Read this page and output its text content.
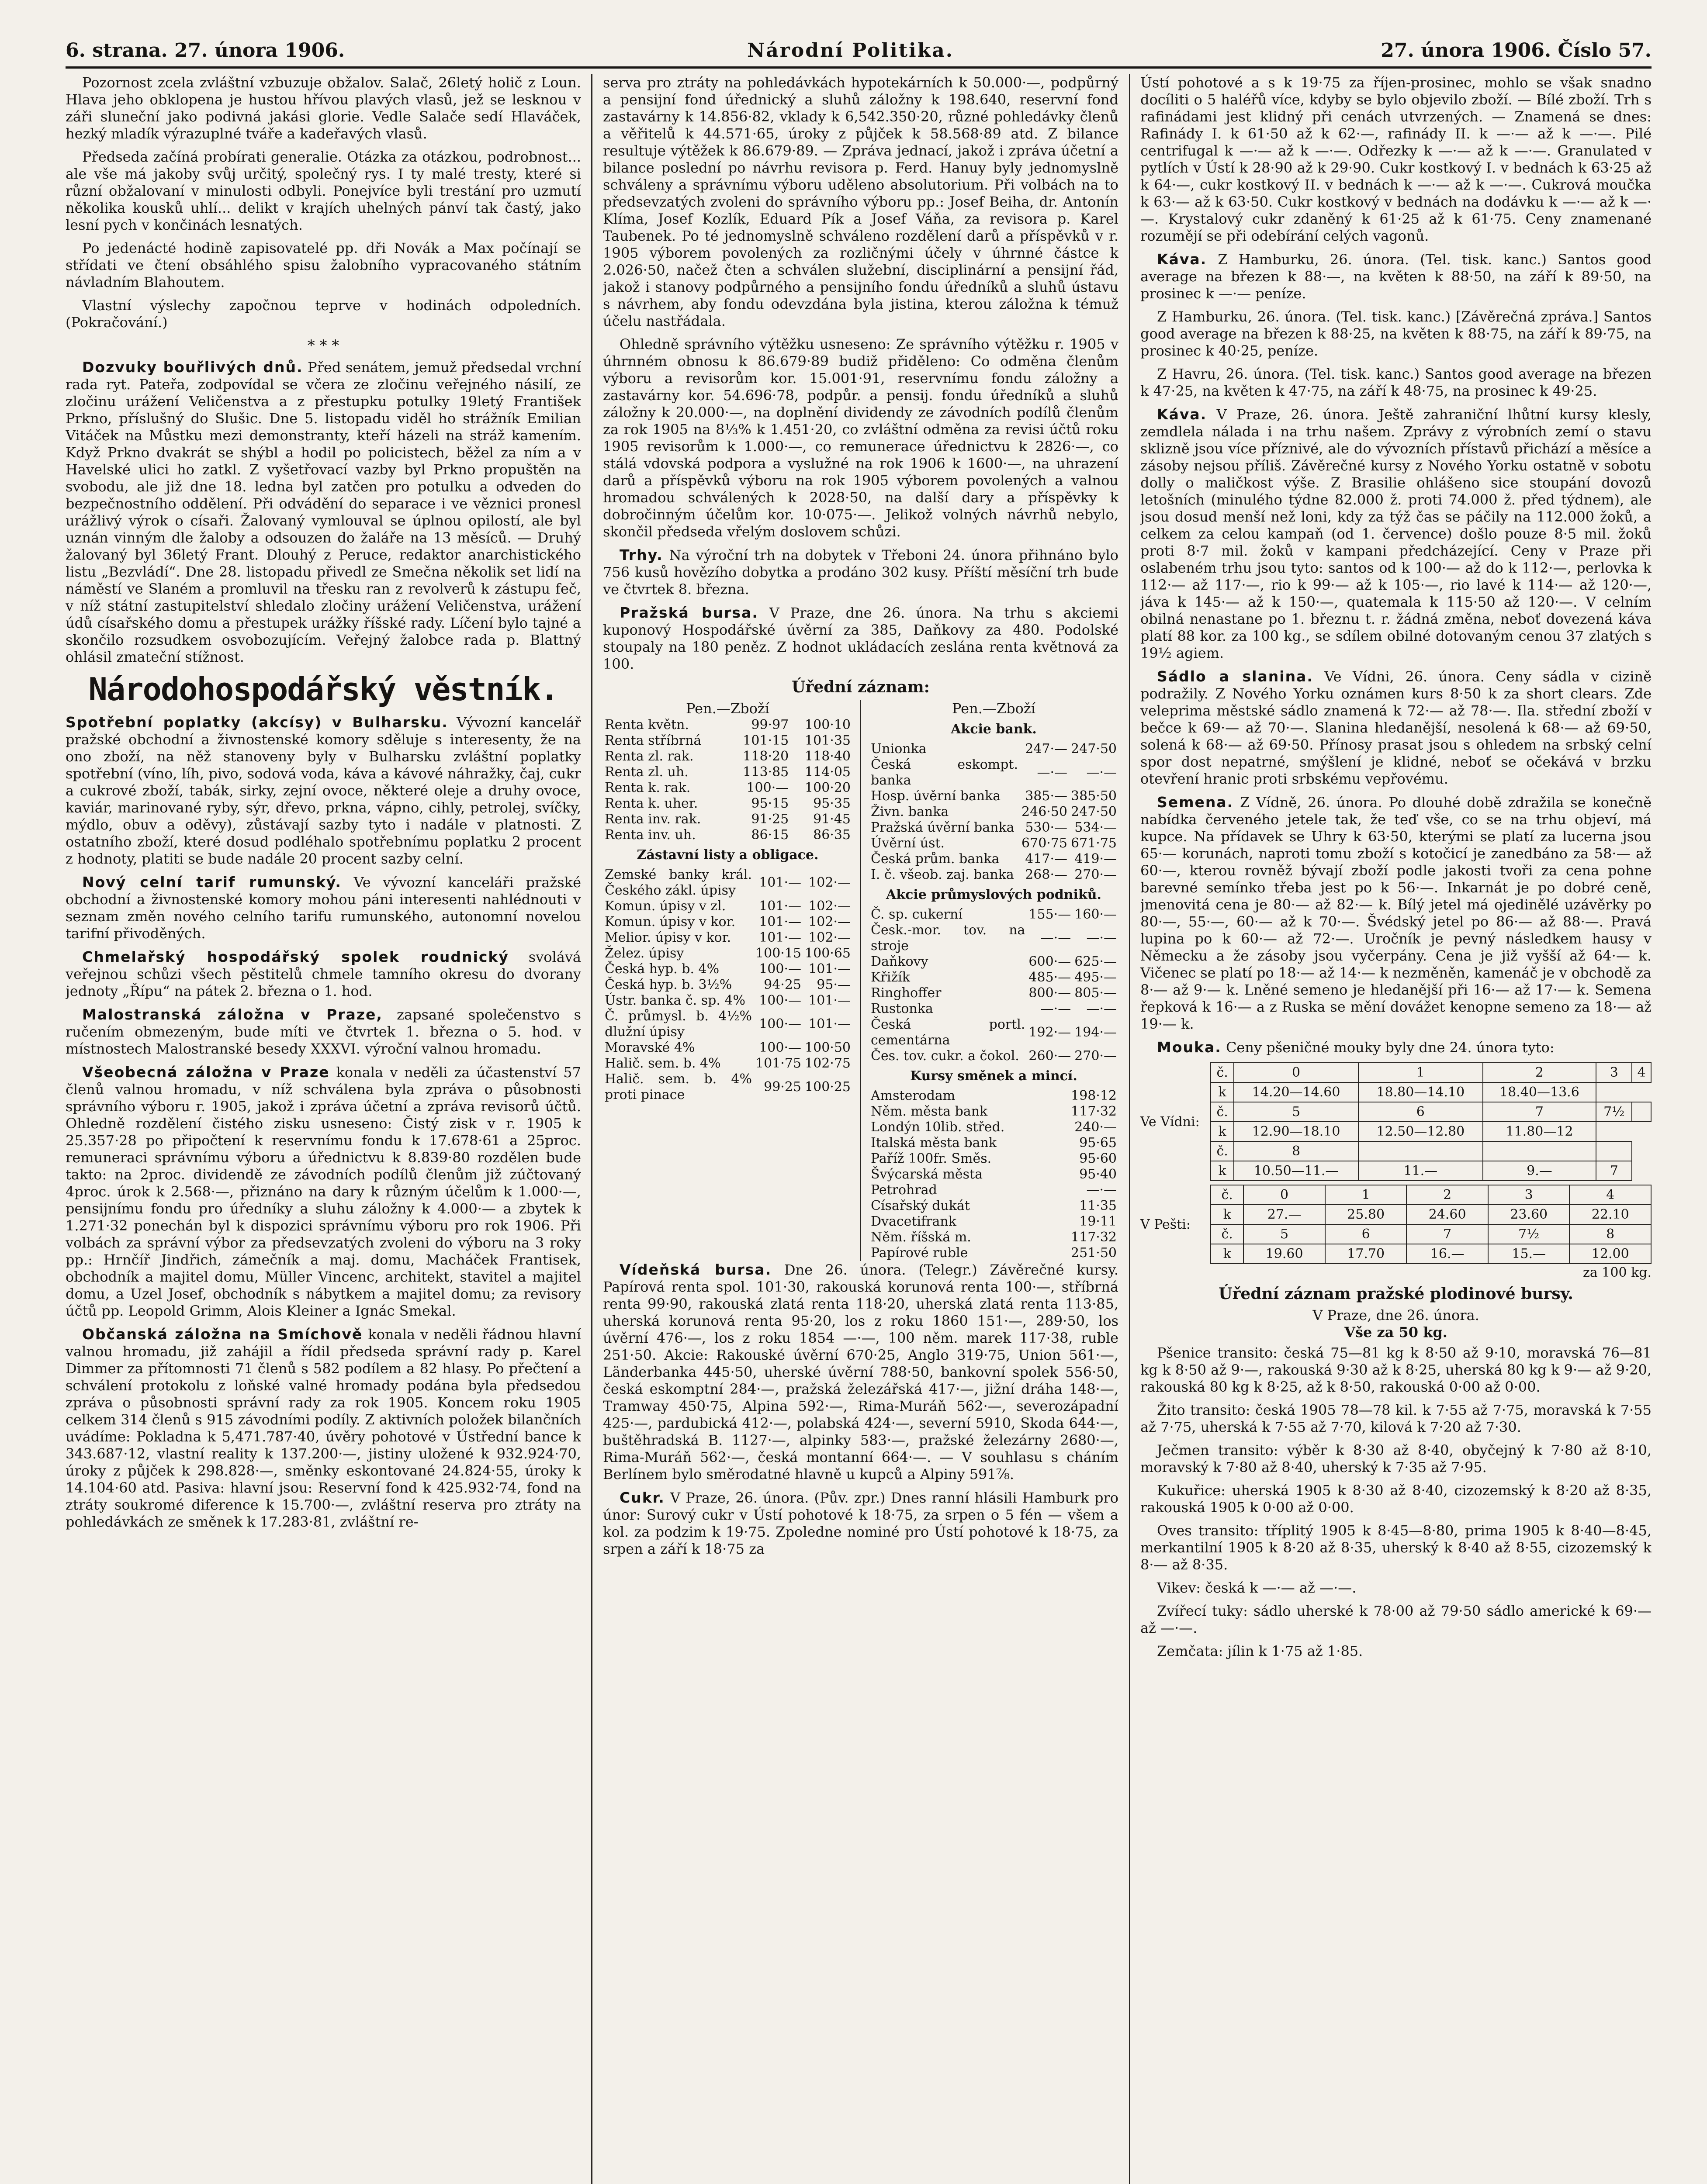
6. strana. 27. února 1906.	Národní Politika.	27. února 1906. Číslo 57.

Pozornost zcela zvláštní vzbuzuje obžalov. Salač, 26letý holič z Loun. Hlava jeho obklopena je hustou hřívou plavých vlasů, jež se lesknou v záři sluneční jako podivná jakási glorie. Vedle Salače sedí Hlaváček, hezký mladík výrazuplné tváře a kadeřavých vlasů.

Předseda začíná probírati generalie. Otázka za otázkou, podrobnost... ale vše má jakoby svůj určitý, společný rys. I ty malé tresty, které si různí obžalovaní v minulosti odbyli. Ponejvíce byli trestání pro uzmutí několika kousků uhlí... delikt v krajích uhelných pánví tak častý, jako lesní pych v končinách lesnatých.

Po jedenácté hodině zapisovatelé pp. dři Novák a Max počínají se střídati ve čtení obsáhlého spisu žalobního vypracovaného státním návladním Blahoutem.

Vlastní výslechy započnou teprve v hodinách odpoledních. (Pokračování.)

* * *

Dozvuky bouřlivých dnů. Před senátem, jemuž předsedal vrchní rada ryt. Pateřa, zodpovídal se včera ze zločinu veřejného násilí, ze zločinu urážení Veličenstva a z přestupku potulky 19letý František Prkno, příslušný do Slušic. Dne 5. listopadu viděl ho strážník Emilian Vitáček na Můstku mezi demonstranty, kteří házeli na stráž kamením. Když Prkno dvakrát se shýbl a hodil po policistech, běžel za ním a v Havelské ulici ho zatkl. Z vyšetřovací vazby byl Prkno propuštěn na svobodu, ale již dne 18. ledna byl zatčen pro potulku a odveden do bezpečnostního oddělení. Při odvádění do separace i ve věznici pronesl urážlivý výrok o císaři. Žalovaný vymlouval se úplnou opilostí, ale byl uznán vinným dle žaloby a odsouzen do žaláře na 13 měsíců. — Druhý žalovaný byl 36letý Frant. Dlouhý z Peruce, redaktor anarchistického listu „Bezvládí“. Dne 28. listopadu přivedl ze Smečna několik set lidí na náměstí ve Slaném a promluvil na třesku ran z revolverů k zástupu feč, v níž státní zastupitelství shledalo zločiny urážení Veličenstva, urážení údů císařského domu a přestupek urážky říšské rady. Líčení bylo tajné a skončilo rozsudkem osvobozujícím. Veřejný žalobce rada p. Blattný ohlásil zmateční stížnost.

Národohospodářský věstník.

Spotřební poplatky (akcísy) v Bulharsku. Vývozní kancelář pražské obchodní a živnostenské komory sděluje s interesenty, že na ono zboží, na něž stanoveny byly v Bulharsku zvláštní poplatky spotřební (víno, líh, pivo, sodová voda, káva a kávové náhražky, čaj, cukr a cukrové zboží, tabák, sirky, zejní ovoce, některé oleje a druhy ovoce, kaviár, marinované ryby, sýr, dřevo, prkna, vápno, cihly, petrolej, svíčky, mýdlo, obuv a oděvy), zůstávají sazby tyto i nadále v platnosti. Z ostatního zboží, které dosud podléhalo spotřebnímu poplatku 2 procent z hodnoty, platiti se bude nadále 20 procent sazby celní.

Nový celní tarif rumunský. Ve vývozní kanceláři pražské obchodní a živnostenské komory mohou páni interesenti nahlédnouti v seznam změn nového celního tarifu rumunského, autonomní novelou tarifní přivoděných.

Chmelařský hospodářský spolek roudnický svolává veřejnou schůzi všech pěstitelů chmele tamního okresu do dvorany jednoty „Řípu“ na pátek 2. března o 1. hod.

Malostranská záložna v Praze, zapsané společenstvo s ručením obmezeným, bude míti ve čtvrtek 1. března o 5. hod. v místnostech Malostranské besedy XXXVI. výroční valnou hromadu.

Všeobecná záložna v Praze konala v neděli za účastenství 57 členů valnou hromadu, v níž schválena byla zpráva o působnosti správního výboru r. 1905, jakož i zpráva účetní a zpráva revisorů účtů. Ohledně rozdělení čistého zisku usneseno: Čistý zisk v r. 1905 k 25.357·28 po připočtení k reservnímu fondu k 17.678·61 a 25proc. remuneraci správnímu výboru a úřednictvu k 8.839·80 rozdělen bude takto: na 2proc. dividendě ze závodních podílů členům již zúčtovaný 4proc. úrok k 2.568·—, přiznáno na dary k různým účelům k 1.000·—, pensijnímu fondu pro úředníky a sluhu záložny k 4.000·— a zbytek k 1.271·32 ponechán byl k dispozici správnímu výboru pro rok 1906. Při volbách za správní výbor za předsevzatých zvoleni do výboru na 3 roky pp.: Hrnčíř Jindřich, zámečník a maj. domu, Macháček Frantisek, obchodník a majitel domu, Müller Vincenc, architekt, stavitel a majitel domu, a Uzel Josef, obchodník s nábytkem a majitel domu; za revisory účtů pp. Leopold Grimm, Alois Kleiner a Ignác Smekal.

Občanská záložna na Smíchově konala v neděli řádnou hlavní valnou hromadu, již zahájil a řídil předseda správní rady p. Karel Dimmer za přítomnosti 71 členů s 582 podílem a 82 hlasy. Po přečtení a schválení protokolu z loňské valné hromady podána byla předsedou zpráva o působnosti správní rady za rok 1905. Koncem roku 1905 celkem 314 členů s 915 závodními podíly. Z aktivních položek bilančních uvádíme: Pokladna k 5,471.787·40, úvěry pohotové v Ústřední bance k 343.687·12, vlastní reality k 137.200·—, jistiny uložené k 932.924·70, úroky z půjček k 298.828·—, směnky eskontované 24.824·55, úroky k 14.104·60 atd. Pasiva: hlavní jsou: Reservní fond k 425.932·74, fond na ztráty soukromé diference k 15.700·—, zvláštní reserva pro ztráty na pohledávkách ze směnek k 17.283·81, zvláštní re-

serva pro ztráty na pohledávkách hypotekárních k 50.000·—, podpůrný a pensijní fond úřednický a sluhů záložny k 198.640, reservní fond zastavárny k 14.856·82, vklady k 6,542.350·20, různé pohledávky členů a věřitelů k 44.571·65, úroky z půjček k 58.568·89 atd. Z bilance resultuje výtěžek k 86.679·89. — Zpráva jednací, jakož i zpráva účetní a bilance poslední po návrhu revisora p. Ferd. Hanuy byly jednomyslně schváleny a správnímu výboru uděleno absolutorium. Při volbách na to předsevzatých zvoleni do správního výboru pp.: Josef Beiha, dr. Antonín Klíma, Josef Kozlík, Eduard Pík a Josef Váňa, za revisora p. Karel Taubenek. Po té jednomyslně schváleno rozdělení darů a příspěvků v r. 1905 výborem povolených za rozličnými účely v úhrnné částce k 2.026·50, načež čten a schválen služební, disciplinární a pensijní řád, jakož i stanovy podpůrného a pensijního fondu úředníků a sluhů ústavu s návrhem, aby fondu odevzdána byla jistina, kterou záložna k témuž účelu nastřádala.

Ohledně správního výtěžku usneseno: Ze správního výtěžku r. 1905 v úhrnném obnosu k 86.679·89 budiž přiděleno: Co odměna členům výboru a revisorům kor. 15.001·91, reservnímu fondu záložny a zastavárny kor. 54.696·78, podpůr. a pensij. fondu úředníků a sluhů záložny k 20.000·—, na doplnění dividendy ze závodních podílů členům za rok 1905 na 8⅓% k 1.451·20, co zvláštní odměna za revisi účtů roku 1905 revisorům k 1.000·—, co remunerace úřednictvu k 2826·—, co stálá vdovská podpora a vyslužné na rok 1906 k 1600·—, na uhrazení darů a příspěvků výboru na rok 1905 výborem povolených a valnou hromadou schválených k 2028·50, na další dary a příspěvky k dobročinným účelům kor. 10·075·—. Jelikož volných návrhů nebylo, skončil předseda vřelým doslovem schůzi.

Trhy. Na výroční trh na dobytek v Třeboni 24. února přihnáno bylo 756 kusů hovězího dobytka a prodáno 302 kusy. Příští měsíční trh bude ve čtvrtek 8. března.

Pražská bursa. V Praze, dne 26. února. Na trhu s akciemi kuponový Hospodářské úvěrní za 385, Daňkovy za 480. Podolské stoupaly na 180 peněz. Z hodnot ukládacích zeslána renta květnová za 100.

Úřední záznam:
Pen.—Zboží
Renta květn.	99·97	100·10
Renta stříbrná	101·15	101·35
Renta zl. rak.	118·20	118·40
Renta zl. uh.	113·85	114·05
Renta k. rak.	100·—	100·20
Renta k. uher.	95·15	95·35
Renta inv. rak.	91·25	91·45
Renta inv. uh.	86·15	86·35
Zástavní listy a obligace.
Zemské banky král. Českého zákl. úpisy	101·—	102·—
Komun. úpisy v zl.	101·—	102·—
Komun. úpisy v kor.	101·—	102·—
Melior. úpisy v kor.	101·—	102·—
Želez. úpisy	100·15	100·65
Česká hyp. b. 4%	100·—	101·—
Česká hyp. b. 3½%	94·25	95·—
Ústr. banka č. sp. 4%	100·—	101·—
Č. průmysl. b. 4½% dlužní úpisy	100·—	101·—
Moravské 4%	100·—	100·50
Halič. sem. b. 4%	101·75	102·75
Halič. sem. b. 4% proti pinace	99·25	100·25
Pen.—Zboží
Akcie bank.
Unionka	247·—	247·50
Česká eskompt. banka	—·—	—·—
Hosp. úvěrní banka	385·—	385·50
Živn. banka	246·50	247·50
Pražská úvěrní banka	530·—	534·—
Úvěrní úst.	670·75	671·75
Česká prům. banka	417·—	419·—
I. č. všeob. zaj. banka	268·—	270·—
Akcie průmyslových podniků.
Č. sp. cukerní	155·—	160·—
Česk.-mor. tov. na stroje	—·—	—·—
Daňkovy	600·—	625·—
Křižík	485·—	495·—
Ringhoffer	800·—	805·—
Rustonka	—·—	—·—
Česká portl. cementárna	192·—	194·—
Čes. tov. cukr. a čokol.	260·—	270·—
Kursy směnek a mincí.
Amsterodam	198·12
Něm. města bank	117·32
Londýn 10lib. střed.	240·—
Italská města bank	95·65
Paříž 100fr. Směs.	95·60
Švýcarská města	95·40
Petrohrad	—·—
Císařský dukát	11·35
Dvacetifrank	19·11
Něm. říšská m.	117·32
Papírové ruble	251·50

Vídeňská bursa. Dne 26. února. (Telegr.) Závěrečné kursy. Papírová renta spol. 101·30, rakouská korunová renta 100·—, stříbrná renta 99·90, rakouská zlatá renta 118·20, uherská zlatá renta 113·85, uherská korunová renta 95·20, los z roku 1860 151·—, 289·50, los úvěrní 476·—, los z roku 1854 —·—, 100 něm. marek 117·38, ruble 251·50. Akcie: Rakouské úvěrní 670·25, Anglo 319·75, Union 561·—, Länderbanka 445·50, uherské úvěrní 788·50, bankovní spolek 556·50, česká eskomptní 284·—, pražská železářská 417·—, jižní dráha 148·—, Tramway 450·75, Alpina 592·—, Rima-Muráň 562·—, severozápadní 425·—, pardubická 412·—, polabská 424·—, severní 5910, Skoda 644·—, buštěhradská B. 1127·—, alpinky 583·—, pražské železárny 2680·—, Rima-Muráň 562·—, česká montanní 664·—. — V souhlasu s cháním Berlínem bylo směrodatné hlavně u kupců a Alpiny 591⅞.

Cukr. V Praze, 26. února. (Pův. zpr.) Dnes ranní hlásili Hamburk pro únor: Surový cukr v Ústí pohotové k 18·75, za srpen o 5 fén — všem a kol. za podzim k 19·75. Zpoledne nominé pro Ústí pohotové k 18·75, za srpen a září k 18·75 za

Ústí pohotové a s k 19·75 za říjen-prosinec, mohlo se však snadno docíliti o 5 haléřů více, kdyby se bylo objevilo zboží. — Bílé zboží. Trh s rafinádami jest klidný při cenách utvrzených. — Znamená se dnes: Rafinády I. k 61·50 až k 62·—, rafinády II. k —·— až k —·—. Pilé centrifugal k —·— až k —·—. Odřezky k —·— až k —·—. Granulated v pytlích v Ústí k 28·90 až k 29·90. Cukr kostkový I. v bednách k 63·25 až k 64·—, cukr kostkový II. v bednách k —·— až k —·—. Cukrová moučka k 63·— až k 63·50. Cukr kostkový v bednách na dodávku k —·— až k —·—. Krystalový cukr zdaněný k 61·25 až k 61·75. Ceny znamenané rozumějí se při odebírání celých vagonů.

Káva. Z Hamburku, 26. února. (Tel. tisk. kanc.) Santos good average na březen k 88·—, na květen k 88·50, na září k 89·50, na prosinec k —·— peníze.

Z Hamburku, 26. února. (Tel. tisk. kanc.) [Závěrečná zpráva.] Santos good average na březen k 88·25, na květen k 88·75, na září k 89·75, na prosinec k 40·25, peníze.

Z Havru, 26. února. (Tel. tisk. kanc.) Santos good average na březen k 47·25, na květen k 47·75, na září k 48·75, na prosinec k 49·25.

Káva. V Praze, 26. února. Ještě zahraniční lhůtní kursy klesly, zemdlela nálada i na trhu našem. Zprávy z výrobních zemí o stavu sklizně jsou více příznivé, ale do vývozních přístavů přichází a měsíce a zásoby nejsou příliš. Závěrečné kursy z Nového Yorku ostatně v sobotu dolly o maličkost výše. Z Brasilie ohlášeno sice stoupání dovozů letošních (minulého týdne 82.000 ž. proti 74.000 ž. před týdnem), ale jsou dosud menší než loni, kdy za týž čas se páčily na 112.000 žoků, a celkem za celou kampaň (od 1. července) došlo pouze 8·5 mil. žoků proti 8·7 mil. žoků v kampani předcházející. Ceny v Praze při oslabeném trhu jsou tyto: santos od k 100·— až do k 112·—, perlovka k 112·— až 117·—, rio k 99·— až k 105·—, rio lavé k 114·— až 120·—, jáva k 145·— až k 150·—, quatemala k 115·50 až 120·—. V celním obilná nenastane po 1. březnu t. r. žádná změna, neboť dovezená káva platí 88 kor. za 100 kg., se sdílem obilné dotovaným cenou 37 zlatých s 19½ agiem.

Sádlo a slanina. Ve Vídni, 26. února. Ceny sádla v cizině podražily. Z Nového Yorku oznámen kurs 8·50 k za short clears. Zde veleprima městské sádlo znamená k 72·— až 78·—. Ila. střední zboží v bečce k 69·— až 70·—. Slanina hledanější, nesolená k 68·— až 69·50, solená k 68·— až 69·50. Přínosy prasat jsou s ohledem na srbský celní spor dost nepatrné, smýšlení je klidné, neboť se očekává v brzku otevření hranic proti srbskému vepřovému.

Semena. Z Vídně, 26. února. Po dlouhé době zdražila se konečně nabídka červeného jetele tak, že teď vše, co se na trhu objeví, má kupce. Na přídavek se Uhry k 63·50, kterými se platí za lucerna jsou 65·— korunách, naproti tomu zboží s kotočicí je zanedbáno za 58·— až 60·—, kterou rovněž bývají zboží podle jakosti tvoři za cena pohne barevné semínko třeba jest po k 56·—. Inkarnát je po dobré ceně, jmenovitá cena je 80·— až 82·— k. Bílý jetel má ojedinělé uzávěrky po 80·—, 55·—, 60·— až k 70·—. Švédský jetel po 86·— až 88·—. Pravá lupina po k 60·— až 72·—. Uročník je pevný následkem hausy v Německu a že zásoby jsou vyčerpány. Cena je již vyšší až 64·— k. Vičenec se platí po 18·— až 14·— k nezměněn, kamenáč je v obchodě za 8·— až 9·— k. Lněné semeno je hledanější při 16·— až 17·— k. Semena řepková k 16·— a z Ruska se mění dovážet kenopne semeno za 18·— až 19·— k.

Mouka. Ceny pšeničné mouky byly dne 24. února tyto:

Ve Vídni:
č.	0	1	2	3	4
k	14.20—14.60	18.80—14.10	18.40—13.6		
č.	5	6	7	7½	
k	12.90—18.10	12.50—12.80	11.80—12		
č.	8				
k	10.50—11.—	11.—	9.—	7	
V Pešti:
č.	0	1	2	3	4
k	27.—	25.80	24.60	23.60	22.10
č.	5	6	7	7½	8
k	19.60	17.70	16.—	15.—	12.00
za 100 kg.
Úřední záznam pražské plodinové bursy.
V Praze, dne 26. února.
Vše za 50 kg.

Pšenice transito: česká 75—81 kg k 8·50 až 9·10, moravská 76—81 kg k 8·50 až 9·—, rakouská 9·30 až k 8·25, uherská 80 kg k 9·— až 9·20, rakouská 80 kg k 8·25, až k 8·50, rakouská 0·00 až 0·00.

Žito transito: česká 1905 78—78 kil. k 7·55 až 7·75, moravská k 7·55 až 7·75, uherská k 7·55 až 7·70, kilová k 7·20 až 7·30.

Ječmen transito: výběr k 8·30 až 8·40, obyčejný k 7·80 až 8·10, moravský k 7·80 až 8·40, uherský k 7·35 až 7·95.

Kukuřice: uherská 1905 k 8·30 až 8·40, cizozemský k 8·20 až 8·35, rakouská 1905 k 0·00 až 0·00.

Oves transito: tříplitý 1905 k 8·45—8·80, prima 1905 k 8·40—8·45, merkantilní 1905 k 8·20 až 8·35, uherský k 8·40 až 8·55, cizozemský k 8·— až 8·35.

Vikev: česká k —·— až —·—.

Zvířecí tuky: sádlo uherské k 78·00 až 79·50 sádlo americké k 69·— až —·—.

Zemčata: jílin k 1·75 až 1·85.
